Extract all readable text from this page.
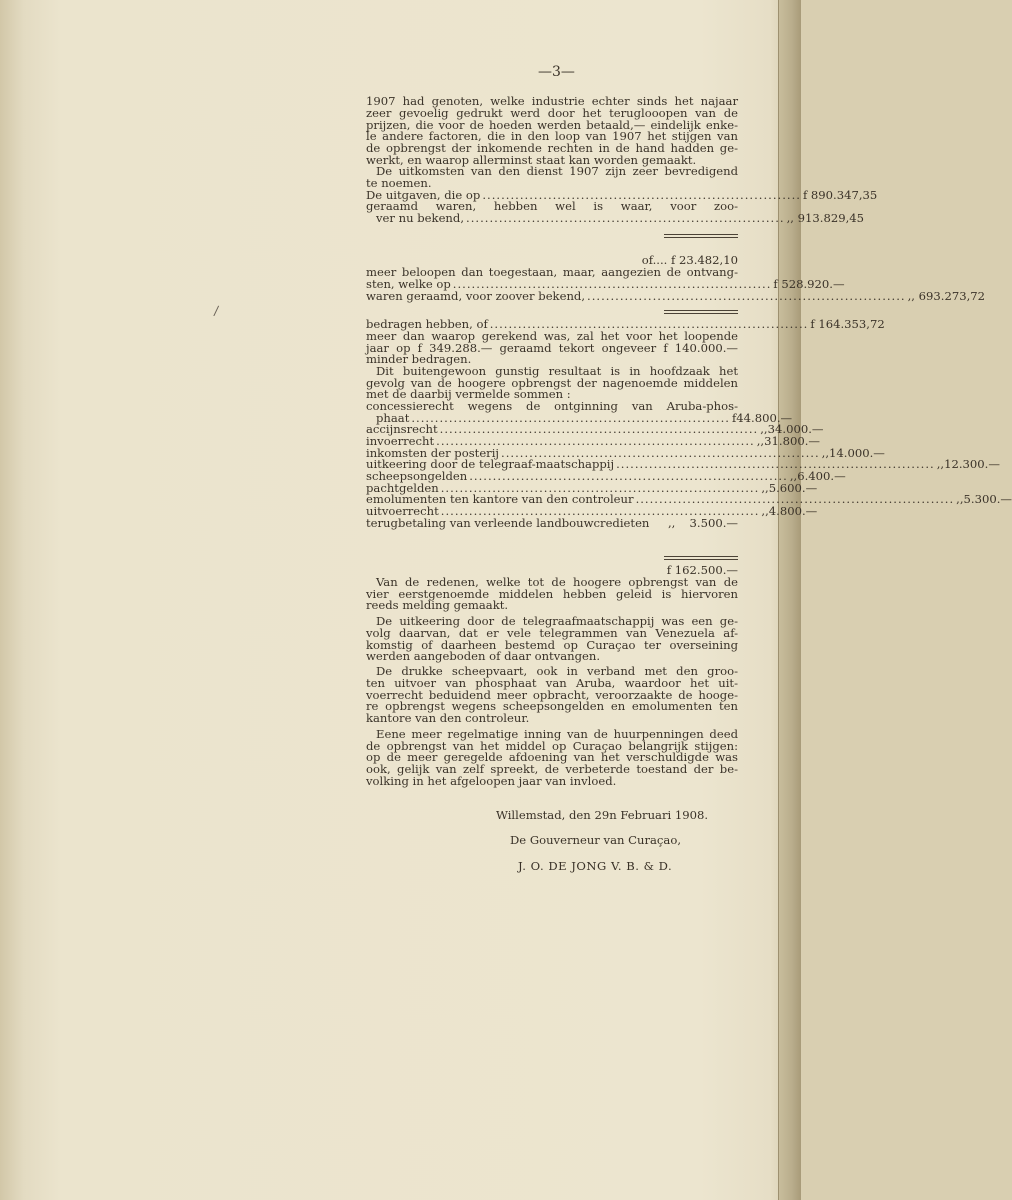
/
—3—
1907 had genoten, welke industrie echter sinds het najaar
zeer gevoelig gedrukt werd door het teruglooopen van de
prijzen, die voor de hoeden werden betaald,— eindelijk enke-
le andere factoren, die in den loop van 1907 het stijgen van
de opbrengst der inkomende rechten in de hand hadden ge-
werkt, en waarop allerminst staat kan worden gemaakt.
De uitkomsten van den dienst 1907 zijn zeer bevredigend
te noemen.
De uitgaven, die op .................................................................... f 890.347,35
geraamd waren, hebben wel is waar, voor zoo-
ver nu bekend, .................................................................... ,, 913.829,45
of.... f 23.482,10
meer beloopen dan toegestaan, maar, aangezien de ontvang-
sten, welke op .................................................................... f 528.920.—
waren geraamd, voor zoover bekend, .................................................................... ,, 693.273,72
bedragen hebben, of .................................................................... f 164.353,72
meer dan waarop gerekend was, zal het voor het loopende
jaar op f 349.288.— geraamd tekort ongeveer f 140.000.—
minder bedragen.
Dit buitengewoon gunstig resultaat is in hoofdzaak het
gevolg van de hoogere opbrengst der nagenoemde middelen
met de daarbij vermelde sommen :
concessierecht wegens de ontginning van Aruba-phos-
phaat .................................................................... f 44.800.—
accijnsrecht .................................................................... ,, 34.000.—
invoerrecht .................................................................... ,, 31.800.—
inkomsten der posterij .................................................................... ,, 14.000.—
uitkeering door de telegraaf-maatschappij .................................................................... ,, 12.300.—
scheepsongelden .................................................................... ,, 6.400.—
pachtgelden .................................................................... ,, 5.600.—
emolumenten ten kantore van den controleur .................................................................... ,, 5.300.—
uitvoerrecht .................................................................... ,, 4.800.—
terugbetaling van verleende landbouwcredieten ,,	3.500.—
f 162.500.—
Van de redenen, welke tot de hoogere opbrengst van de
vier eerstgenoemde middelen hebben geleid is hiervoren
reeds melding gemaakt.
De uitkeering door de telegraafmaatschappij was een ge-
volg daarvan, dat er vele telegrammen van Venezuela af-
komstig of daarheen bestemd op Curaçao ter overseining
werden aangeboden of daar ontvangen.
De drukke scheepvaart, ook in verband met den groo-
ten uitvoer van phosphaat van Aruba, waardoor het uit-
voerrecht beduidend meer opbracht, veroorzaakte de hooge-
re opbrengst wegens scheepsongelden en emolumenten ten
kantore van den controleur.
Eene meer regelmatige inning van de huurpenningen deed
de opbrengst van het middel op Curaçao belangrijk stijgen:
op de meer geregelde afdoening van het verschuldigde was
ook, gelijk van zelf spreekt, de verbeterde toestand der be-
volking in het afgeloopen jaar van invloed.
Willemstad, den 29n Februari 1908.
De Gouverneur van Curaçao,
J. O. DE JONG V. B. & D.
